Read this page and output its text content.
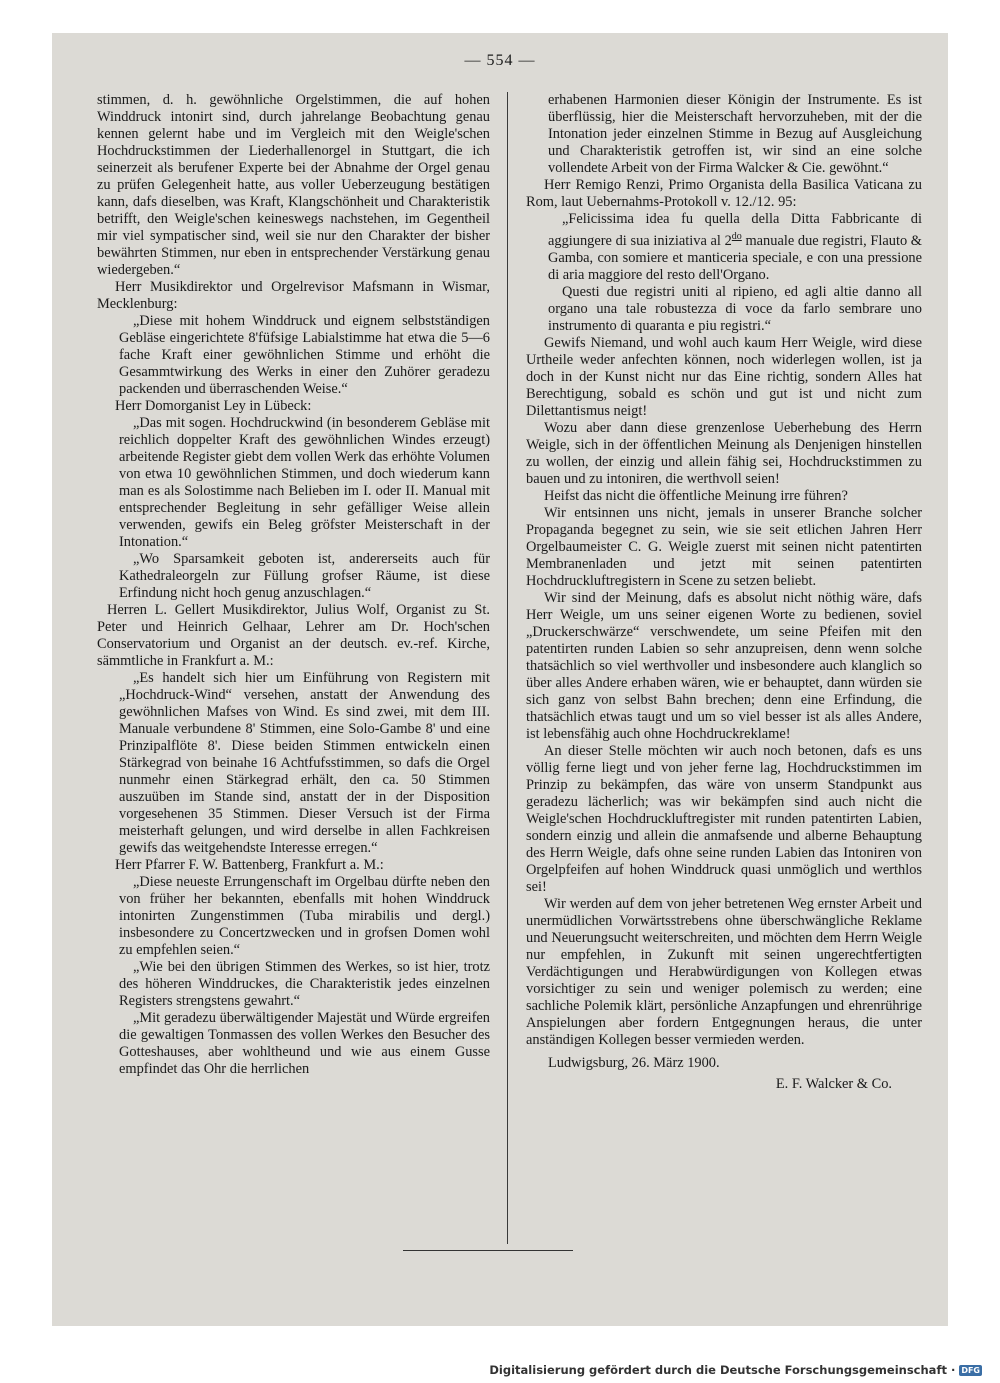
— 554 —

stimmen, d. h. gewöhnliche Orgelstimmen, die auf hohen Winddruck intonirt sind, durch jahrelange Beobachtung genau kennen gelernt habe und im Vergleich mit den Weigle'schen Hochdruckstimmen der Liederhallenorgel in Stuttgart, die ich seinerzeit als berufener Experte bei der Abnahme der Orgel genau zu prüfen Gelegenheit hatte, aus voller Ueberzeugung bestätigen kann, dafs dieselben, was Kraft, Klangschönheit und Charakteristik betrifft, den Weigle'schen keineswegs nachstehen, im Gegentheil mir viel sympatischer sind, weil sie nur den Charakter der bisher bewährten Stimmen, nur eben in entsprechender Verstärkung genau wiedergeben.“

Herr Musikdirektor und Orgelrevisor Mafsmann in Wismar, Mecklenburg:

„Diese mit hohem Winddruck und eignem selbstständigen Gebläse eingerichtete 8'füfsige Labialstimme hat etwa die 5—6 fache Kraft einer gewöhnlichen Stimme und erhöht die Gesammtwirkung des Werks in einer den Zuhörer geradezu packenden und überraschenden Weise.“

Herr Domorganist Ley in Lübeck:

„Das mit sogen. Hochdruckwind (in besonderem Gebläse mit reichlich doppelter Kraft des gewöhnlichen Windes erzeugt) arbeitende Register giebt dem vollen Werk das erhöhte Volumen von etwa 10 gewöhnlichen Stimmen, und doch wiederum kann man es als Solostimme nach Belieben im I. oder II. Manual mit entsprechender Begleitung in sehr gefälliger Weise allein verwenden, gewifs ein Beleg gröfster Meisterschaft in der Intonation.“

„Wo Sparsamkeit geboten ist, andererseits auch für Kathedraleorgeln zur Füllung grofser Räume, ist diese Erfindung nicht hoch genug anzuschlagen.“

Herren L. Gellert Musikdirektor, Julius Wolf, Organist zu St. Peter und Heinrich Gelhaar, Lehrer am Dr. Hoch'schen Conservatorium und Organist an der deutsch. ev.-ref. Kirche, sämmtliche in Frankfurt a. M.:

„Es handelt sich hier um Einführung von Registern mit „Hochdruck-Wind“ versehen, anstatt der Anwendung des gewöhnlichen Mafses von Wind. Es sind zwei, mit dem III. Manuale verbundene 8' Stimmen, eine Solo-Gambe 8' und eine Prinzipalflöte 8'. Diese beiden Stimmen entwickeln einen Stärkegrad von beinahe 16 Achtfufsstimmen, so dafs die Orgel nunmehr einen Stärkegrad erhält, den ca. 50 Stimmen auszuüben im Stande sind, anstatt der in der Disposition vorgesehenen 35 Stimmen. Dieser Versuch ist der Firma meisterhaft gelungen, und wird derselbe in allen Fachkreisen gewifs das weitgehendste Interesse erregen.“

Herr Pfarrer F. W. Battenberg, Frankfurt a. M.:

„Diese neueste Errungenschaft im Orgelbau dürfte neben den von früher her bekannten, ebenfalls mit hohen Winddruck intonirten Zungenstimmen (Tuba mirabilis und dergl.) insbesondere zu Concertzwecken und in grofsen Domen wohl zu empfehlen seien.“

„Wie bei den übrigen Stimmen des Werkes, so ist hier, trotz des höheren Winddruckes, die Charakteristik jedes einzelnen Registers strengstens gewahrt.“

„Mit geradezu überwältigender Majestät und Würde ergreifen die gewaltigen Tonmassen des vollen Werkes den Besucher des Gotteshauses, aber wohltheund und wie aus einem Gusse empfindet das Ohr die herrlichen

erhabenen Harmonien dieser Königin der Instrumente. Es ist überflüssig, hier die Meisterschaft hervorzuheben, mit der die Intonation jeder einzelnen Stimme in Bezug auf Ausgleichung und Charakteristik getroffen ist, wir sind an eine solche vollendete Arbeit von der Firma Walcker & Cie. gewöhnt.“

Herr Remigo Renzi, Primo Organista della Basilica Vaticana zu Rom, laut Uebernahms-Protokoll v. 12./12. 95:

„Felicissima idea fu quella della Ditta Fabbricante di aggiungere di sua iniziativa al $2^{do}$ manuale due registri, Flauto & Gamba, con somiere et manticeria speciale, e con una pressione di aria maggiore del resto dell'Organo.

Questi due registri uniti al ripieno, ed agli altie danno all organo una tale robustezza di voce da farlo sembrare uno instrumento di quaranta e piu registri.“

Gewifs Niemand, und wohl auch kaum Herr Weigle, wird diese Urtheile weder anfechten können, noch widerlegen wollen, ist ja doch in der Kunst nicht nur das Eine richtig, sondern Alles hat Berechtigung, sobald es schön und gut ist und nicht zum Dilettantismus neigt!

Wozu aber dann diese grenzenlose Ueberhebung des Herrn Weigle, sich in der öffentlichen Meinung als Denjenigen hinstellen zu wollen, der einzig und allein fähig sei, Hochdruckstimmen zu bauen und zu intoniren, die werthvoll seien!

Heifst das nicht die öffentliche Meinung irre führen?

Wir entsinnen uns nicht, jemals in unserer Branche solcher Propaganda begegnet zu sein, wie sie seit etlichen Jahren Herr Orgelbaumeister C. G. Weigle zuerst mit seinen nicht patentirten Membranenladen und jetzt mit seinen patentirten Hochdruckluftregistern in Scene zu setzen beliebt.

Wir sind der Meinung, dafs es absolut nicht nöthig wäre, dafs Herr Weigle, um uns seiner eigenen Worte zu bedienen, soviel „Druckerschwärze“ verschwendete, um seine Pfeifen mit den patentirten runden Labien so sehr anzupreisen, denn wenn solche thatsächlich so viel werthvoller und insbesondere auch klanglich so über alles Andere erhaben wären, wie er behauptet, dann würden sie sich ganz von selbst Bahn brechen; denn eine Erfindung, die thatsächlich etwas taugt und um so viel besser ist als alles Andere, ist lebensfähig auch ohne Hochdruckreklame!

An dieser Stelle möchten wir auch noch betonen, dafs es uns völlig ferne liegt und von jeher ferne lag, Hochdruckstimmen im Prinzip zu bekämpfen, das wäre von unserm Standpunkt aus geradezu lächerlich; was wir bekämpfen sind auch nicht die Weigle'schen Hochdruckluftregister mit runden patentirten Labien, sondern einzig und allein die anmafsende und alberne Behauptung des Herrn Weigle, dafs ohne seine runden Labien das Intoniren von Orgelpfeifen auf hohen Winddruck quasi unmöglich und werthlos sei!

Wir werden auf dem von jeher betretenen Weg ernster Arbeit und unermüdlichen Vorwärtsstrebens ohne überschwängliche Reklame und Neuerungsucht weiterschreiten, und möchten dem Herrn Weigle nur empfehlen, in Zukunft mit seinen ungerechtfertigten Verdächtigungen und Herabwürdigungen von Kollegen etwas vorsichtiger zu sein und weniger polemisch zu werden; eine sachliche Polemik klärt, persönliche Anzapfungen und ehrenrührige Anspielungen aber fordern Entgegnungen heraus, die unter anständigen Kollegen besser vermieden werden.

Ludwigsburg, 26. März 1900.

E. F. Walcker & Co.

Digitalisierung gefördert durch die Deutsche Forschungsgemeinschaft · DFG
